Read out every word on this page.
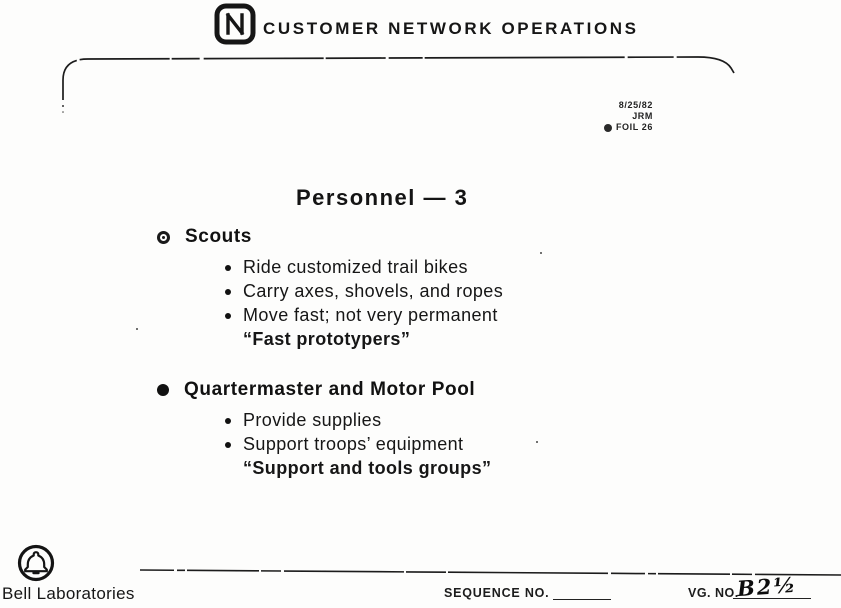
CUSTOMER NETWORK OPERATIONS
8/25/82
JRM
FOIL 26
Personnel — 3
Scouts
Ride customized trail bikes
Carry axes, shovels, and ropes
Move fast; not very permanent
“Fast prototypers”
Quartermaster and Motor Pool
Provide supplies
Support troops’ equipment
“Support and tools groups”
Bell Laboratories	SEQUENCE NO.	VG. NO.
B2½
